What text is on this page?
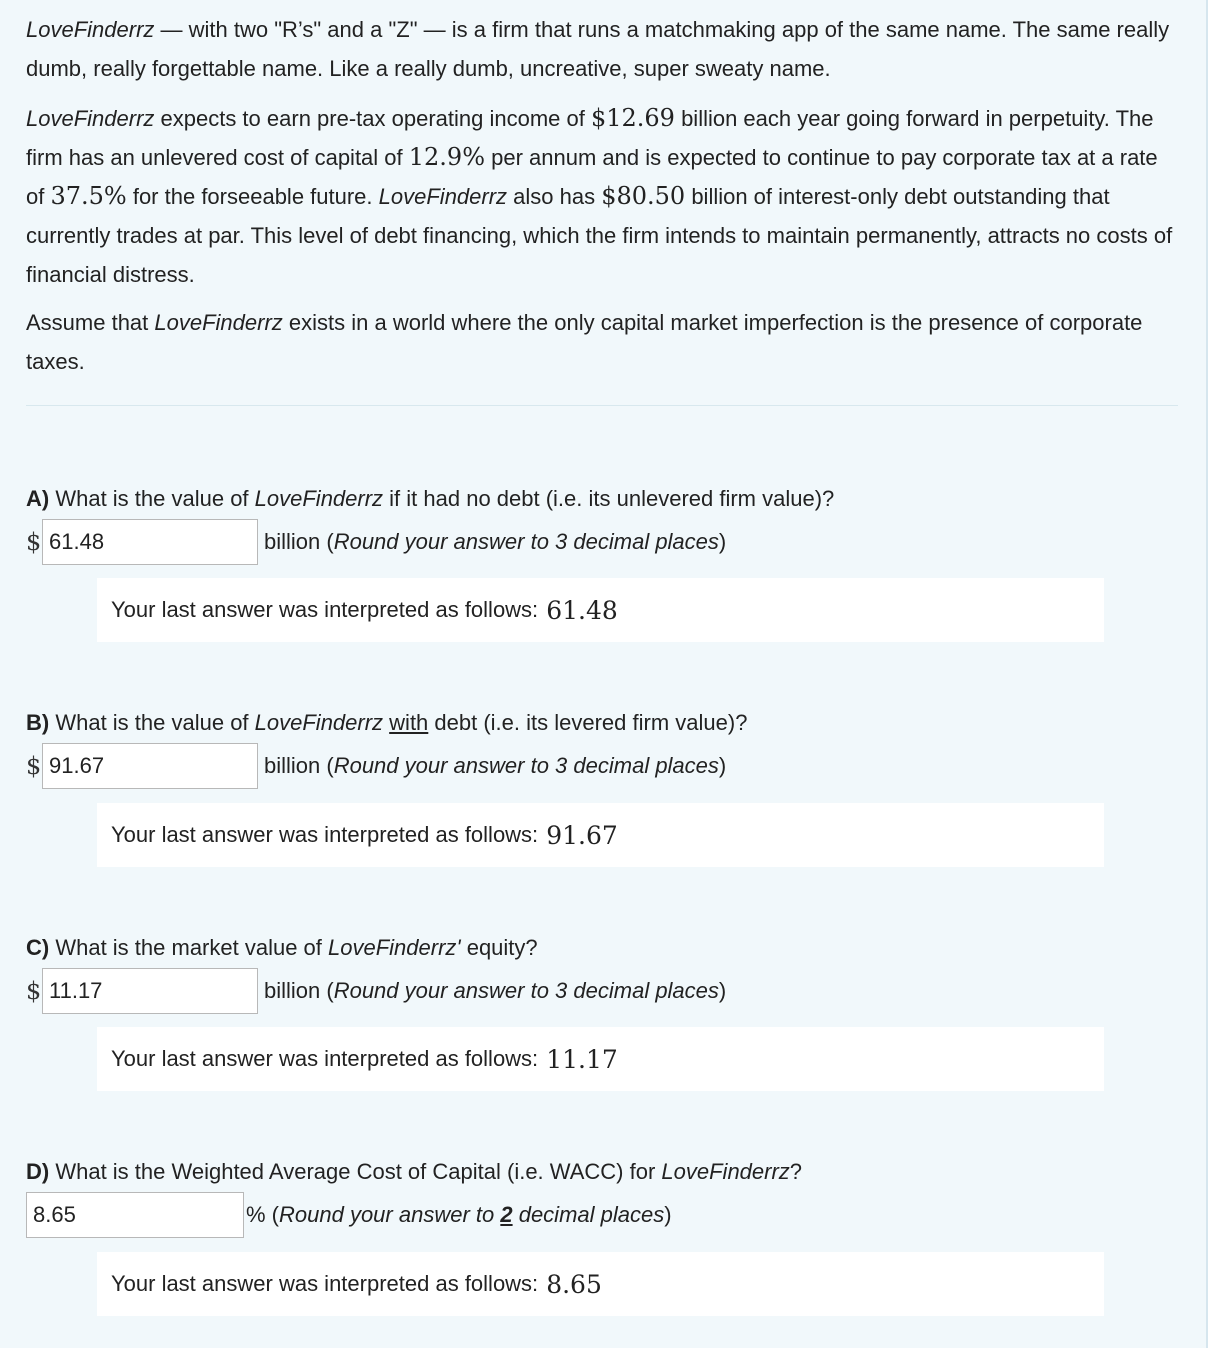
LoveFinderrz — with two "R’s" and a "Z" — is a firm that runs a matchmaking app of the same name. The same really dumb, really forgettable name. Like a really dumb, uncreative, super sweaty name.

LoveFinderrz expects to earn pre-tax operating income of $12.69 billion each year going forward in perpetuity. The firm has an unlevered cost of capital of 12.9% per annum and is expected to continue to pay corporate tax at a rate of 37.5% for the forseeable future. LoveFinderrz also has $80.50 billion of interest-only debt outstanding that currently trades at par. This level of debt financing, which the firm intends to maintain permanently, attracts no costs of financial distress.

Assume that LoveFinderrz exists in a world where the only capital market imperfection is the presence of corporate taxes.

A) What is the value of LoveFinderrz if it had no debt (i.e. its unlevered firm value)?
$
61.48	billion (Round your answer to 3 decimal places)
Your last answer was interpreted as follows: 61.48
B) What is the value of LoveFinderrz with debt (i.e. its levered firm value)?
$
91.67	billion (Round your answer to 3 decimal places)
Your last answer was interpreted as follows: 91.67
C) What is the market value of LoveFinderrz' equity?
$
11.17	billion (Round your answer to 3 decimal places)
Your last answer was interpreted as follows: 11.17
D) What is the Weighted Average Cost of Capital (i.e. WACC) for LoveFinderrz?
8.65
% (Round your answer to 2 decimal places)
Your last answer was interpreted as follows: 8.65
